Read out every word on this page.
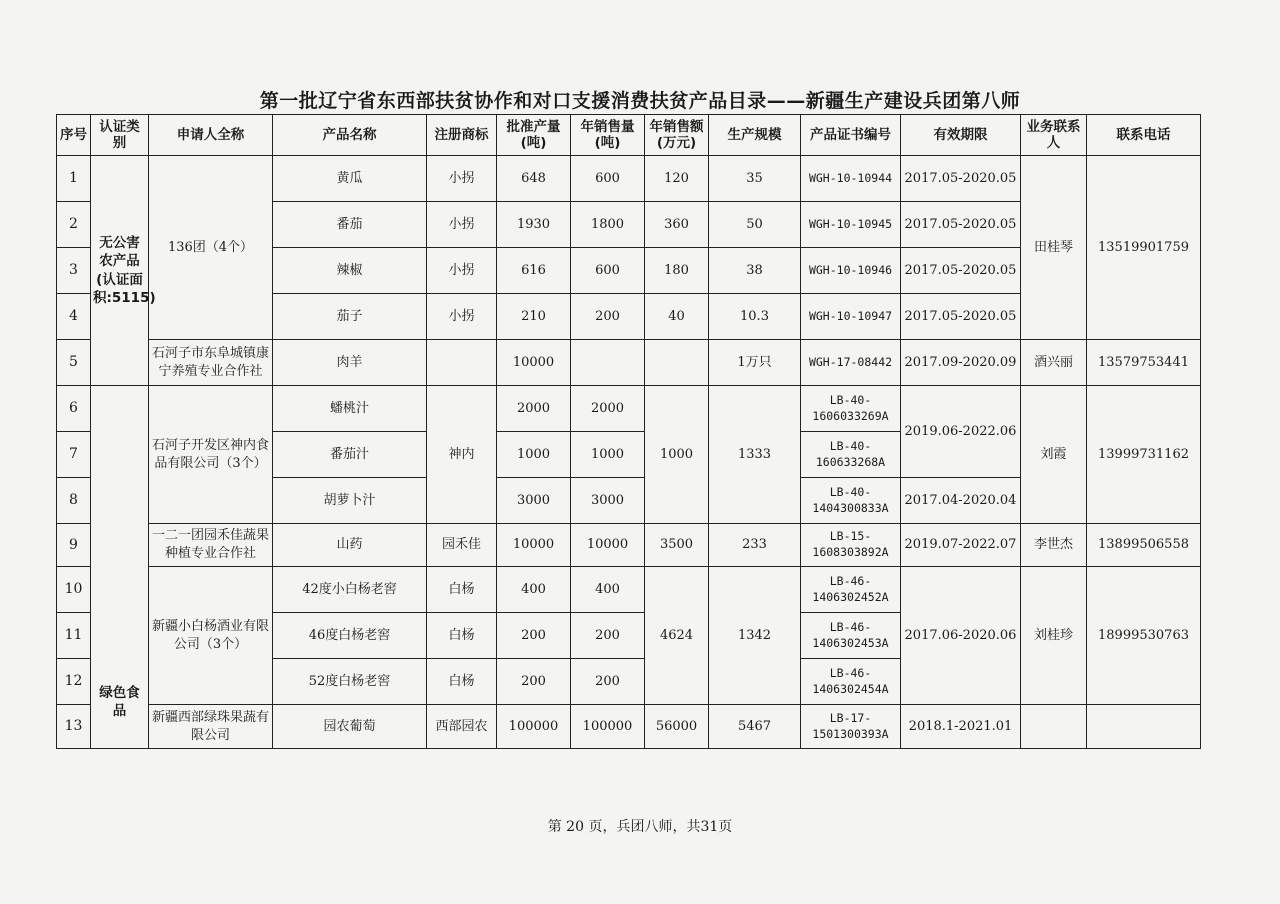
第一批辽宁省东西部扶贫协作和对口支援消费扶贫产品目录——新疆生产建设兵团第八师
序号	认证类别	申请人全称	产品名称	注册商标	批准产量(吨)	年销售量(吨)	年销售额(万元)	生产规模	产品证书编号	有效期限	业务联系人	联系电话
1	无公害农产品(认证面积:5115)	136团（4个）	黄瓜	小拐	648	600	120	35	WGH-10-10944	2017.05-2020.05	田桂琴	13519901759
2			番茄	小拐	1930	1800	360	50	WGH-10-10945	2017.05-2020.05		
3			辣椒	小拐	616	600	180	38	WGH-10-10946	2017.05-2020.05		
4			茄子	小拐	210	200	40	10.3	WGH-10-10947	2017.05-2020.05		
5		石河子市东阜城镇康宁养殖专业合作社	肉羊		10000			1万只	WGH-17-08442	2017.09-2020.09	酒兴丽	13579753441
6	绿色食品	石河子开发区神内食品有限公司（3个）	蟠桃汁	神内	2000	2000	1000	1333	LB-40-1606033269A	2019.06-2022.06	刘霞	13999731162
7			番茄汁		1000	1000			LB-40-160633268A			
8			胡萝卜汁		3000	3000			LB-40-1404300833A	2017.04-2020.04		
9		一二一团园禾佳蔬果种植专业合作社	山药	园禾佳	10000	10000	3500	233	LB-15-1608303892A	2019.07-2022.07	李世杰	13899506558
10		新疆小白杨酒业有限公司（3个）	42度小白杨老窖	白杨	400	400	4624	1342	LB-46-1406302452A	2017.06-2020.06	刘桂珍	18999530763
11			46度白杨老窖	白杨	200	200			LB-46-1406302453A			
12			52度白杨老窖	白杨	200	200			LB-46-1406302454A			
13		新疆西部绿珠果蔬有限公司	园农葡萄	西部园农	100000	100000	56000	5467	LB-17-1501300393A	2018.1-2021.01		
第 20 页，兵团八师，共31页
